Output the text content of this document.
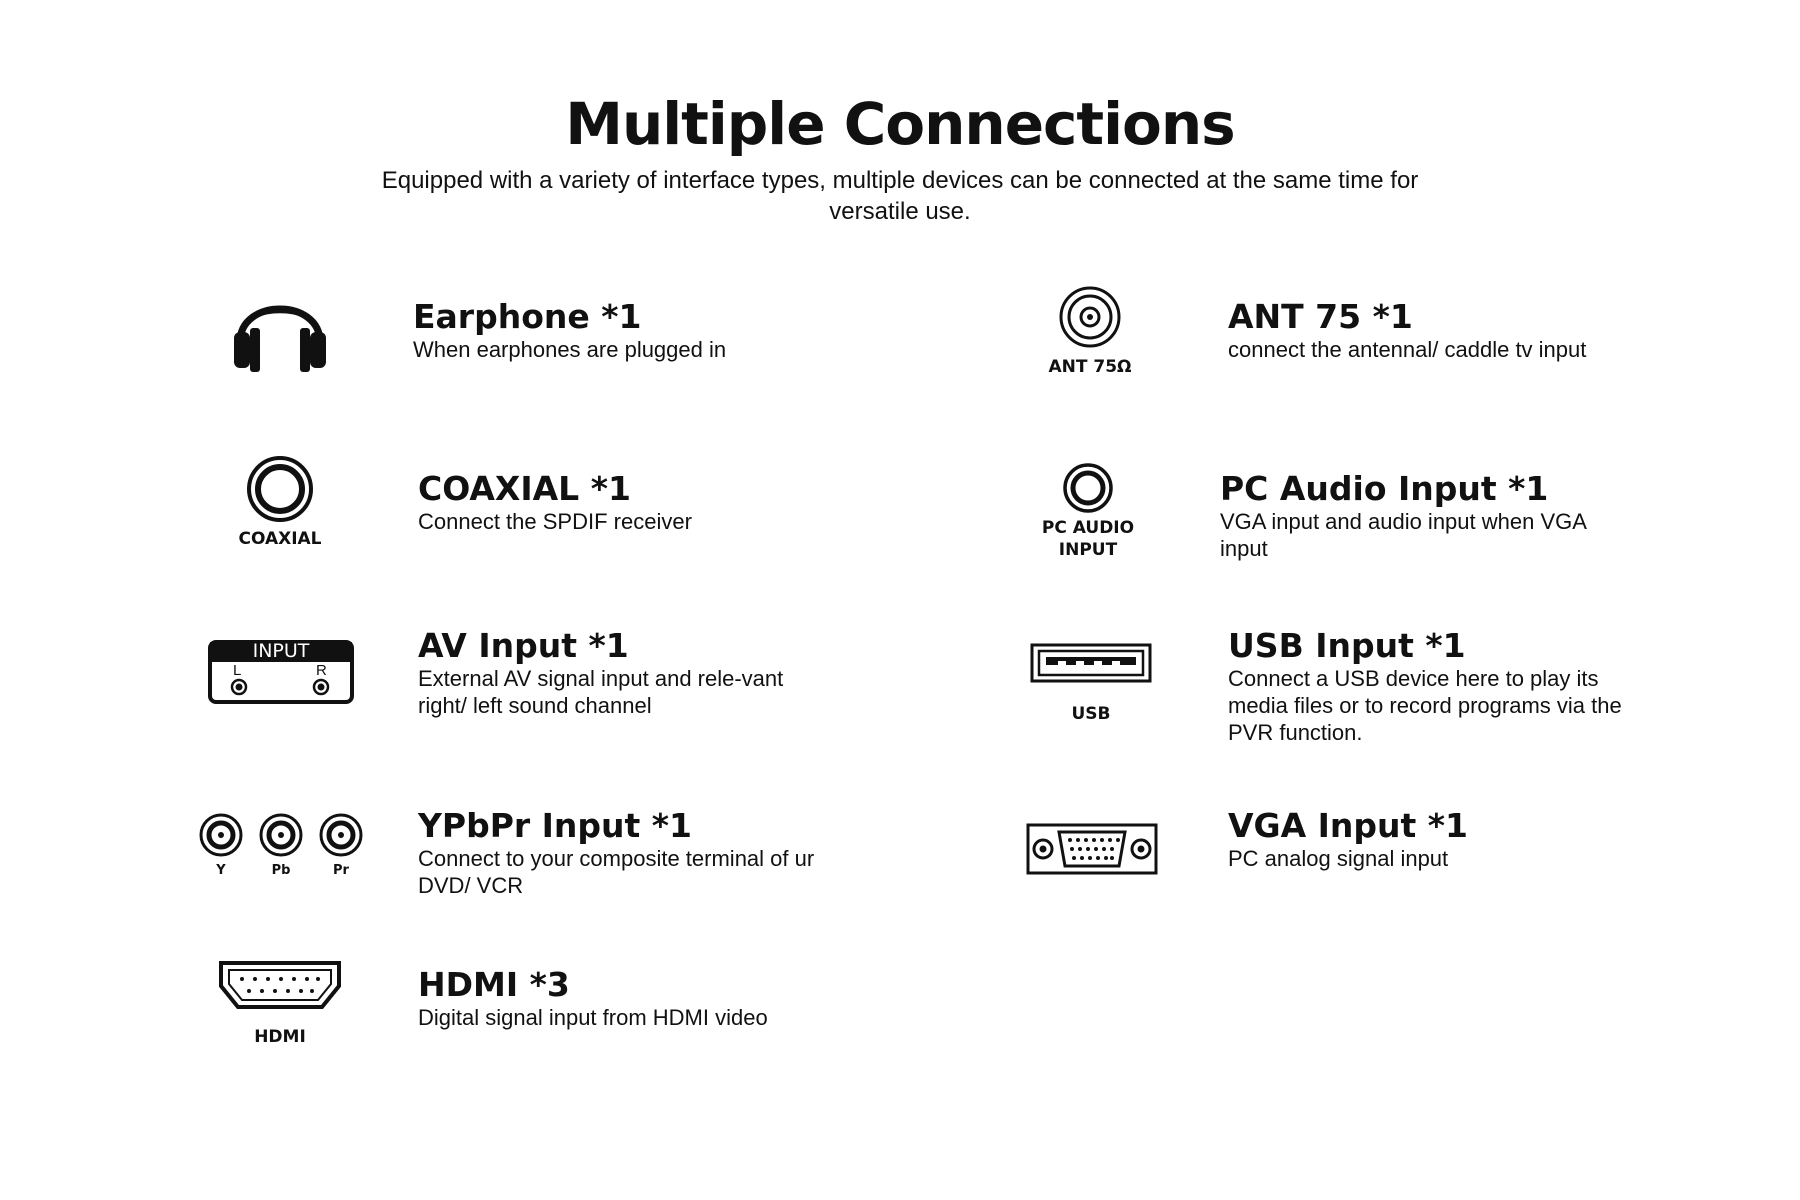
Multiple Connections
Equipped with a variety of interface types, multiple devices can be connected at the same time for versatile use.
Earphone *1
When earphones are plugged in
COAXIAL
COAXIAL *1
Connect the SPDIF receiver
INPUT
L	R
AV Input *1
External AV signal input and rele-vant right/ left sound channel
Y	Pb	Pr
YPbPr Input *1
Connect to your composite terminal of ur DVD/ VCR
HDMI
HDMI *3
Digital signal input from HDMI video
ANT 75Ω
ANT 75 *1
connect the antennal/ caddle tv input
PC AUDIO INPUT
PC Audio Input *1
VGA input and audio input when VGA input
USB
USB Input *1
Connect a USB device here to play its media files or to record programs via the PVR function.
VGA Input *1
PC analog signal input
